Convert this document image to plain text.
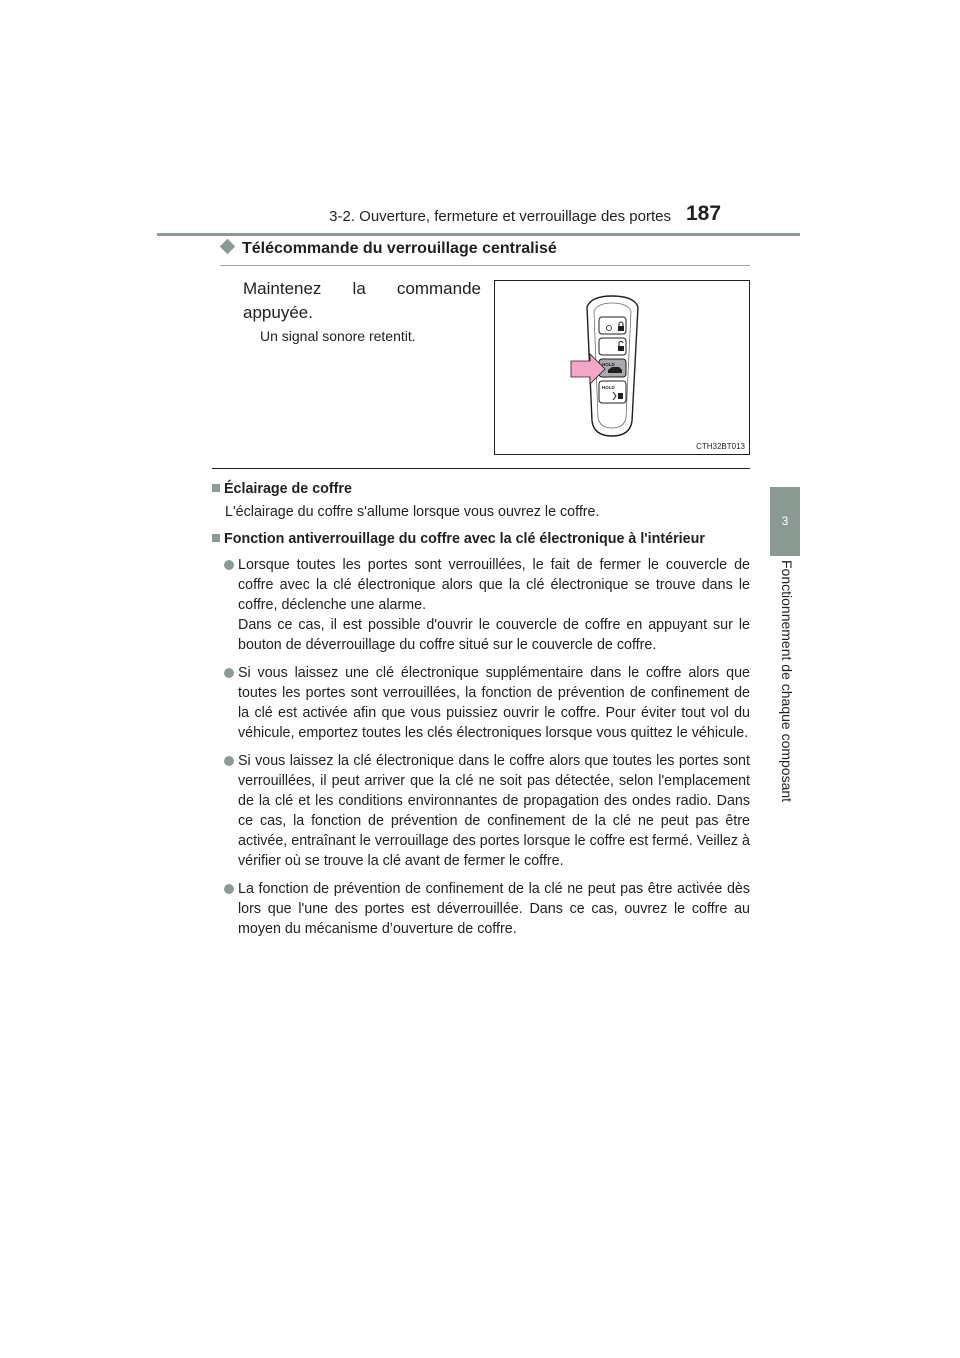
3-2. Ouverture, fermeture et verrouillage des portes 187
3
Fonctionnement de chaque composant
Télécommande du verrouillage centralisé
Maintenez la commande appuyée.
Un signal sonore retentit.
HOLD
HOLD
CTH32BT013

Éclairage de coffre

L'éclairage du coffre s'allume lorsque vous ouvrez le coffre.

Fonction antiverrouillage du coffre avec la clé électronique à l'intérieur

Lorsque toutes les portes sont verrouillées, le fait de fermer le couvercle de coffre avec la clé électronique alors que la clé électronique se trouve dans le coffre, déclenche une alarme.

Dans ce cas, il est possible d'ouvrir le couvercle de coffre en appuyant sur le bouton de déverrouillage du coffre situé sur le couvercle de coffre.

Si vous laissez une clé électronique supplémentaire dans le coffre alors que toutes les portes sont verrouillées, la fonction de prévention de confinement de la clé est activée afin que vous puissiez ouvrir le coffre. Pour éviter tout vol du véhicule, emportez toutes les clés électroniques lorsque vous quittez le véhicule.

Si vous laissez la clé électronique dans le coffre alors que toutes les portes sont verrouillées, il peut arriver que la clé ne soit pas détectée, selon l'emplacement de la clé et les conditions environnantes de propagation des ondes radio. Dans ce cas, la fonction de prévention de confinement de la clé ne peut pas être activée, entraînant le verrouillage des portes lorsque le coffre est fermé. Veillez à vérifier où se trouve la clé avant de fermer le coffre.

La fonction de prévention de confinement de la clé ne peut pas être activée dès lors que l'une des portes est déverrouillée. Dans ce cas, ouvrez le coffre au moyen du mécanisme d’ouverture de coffre.
